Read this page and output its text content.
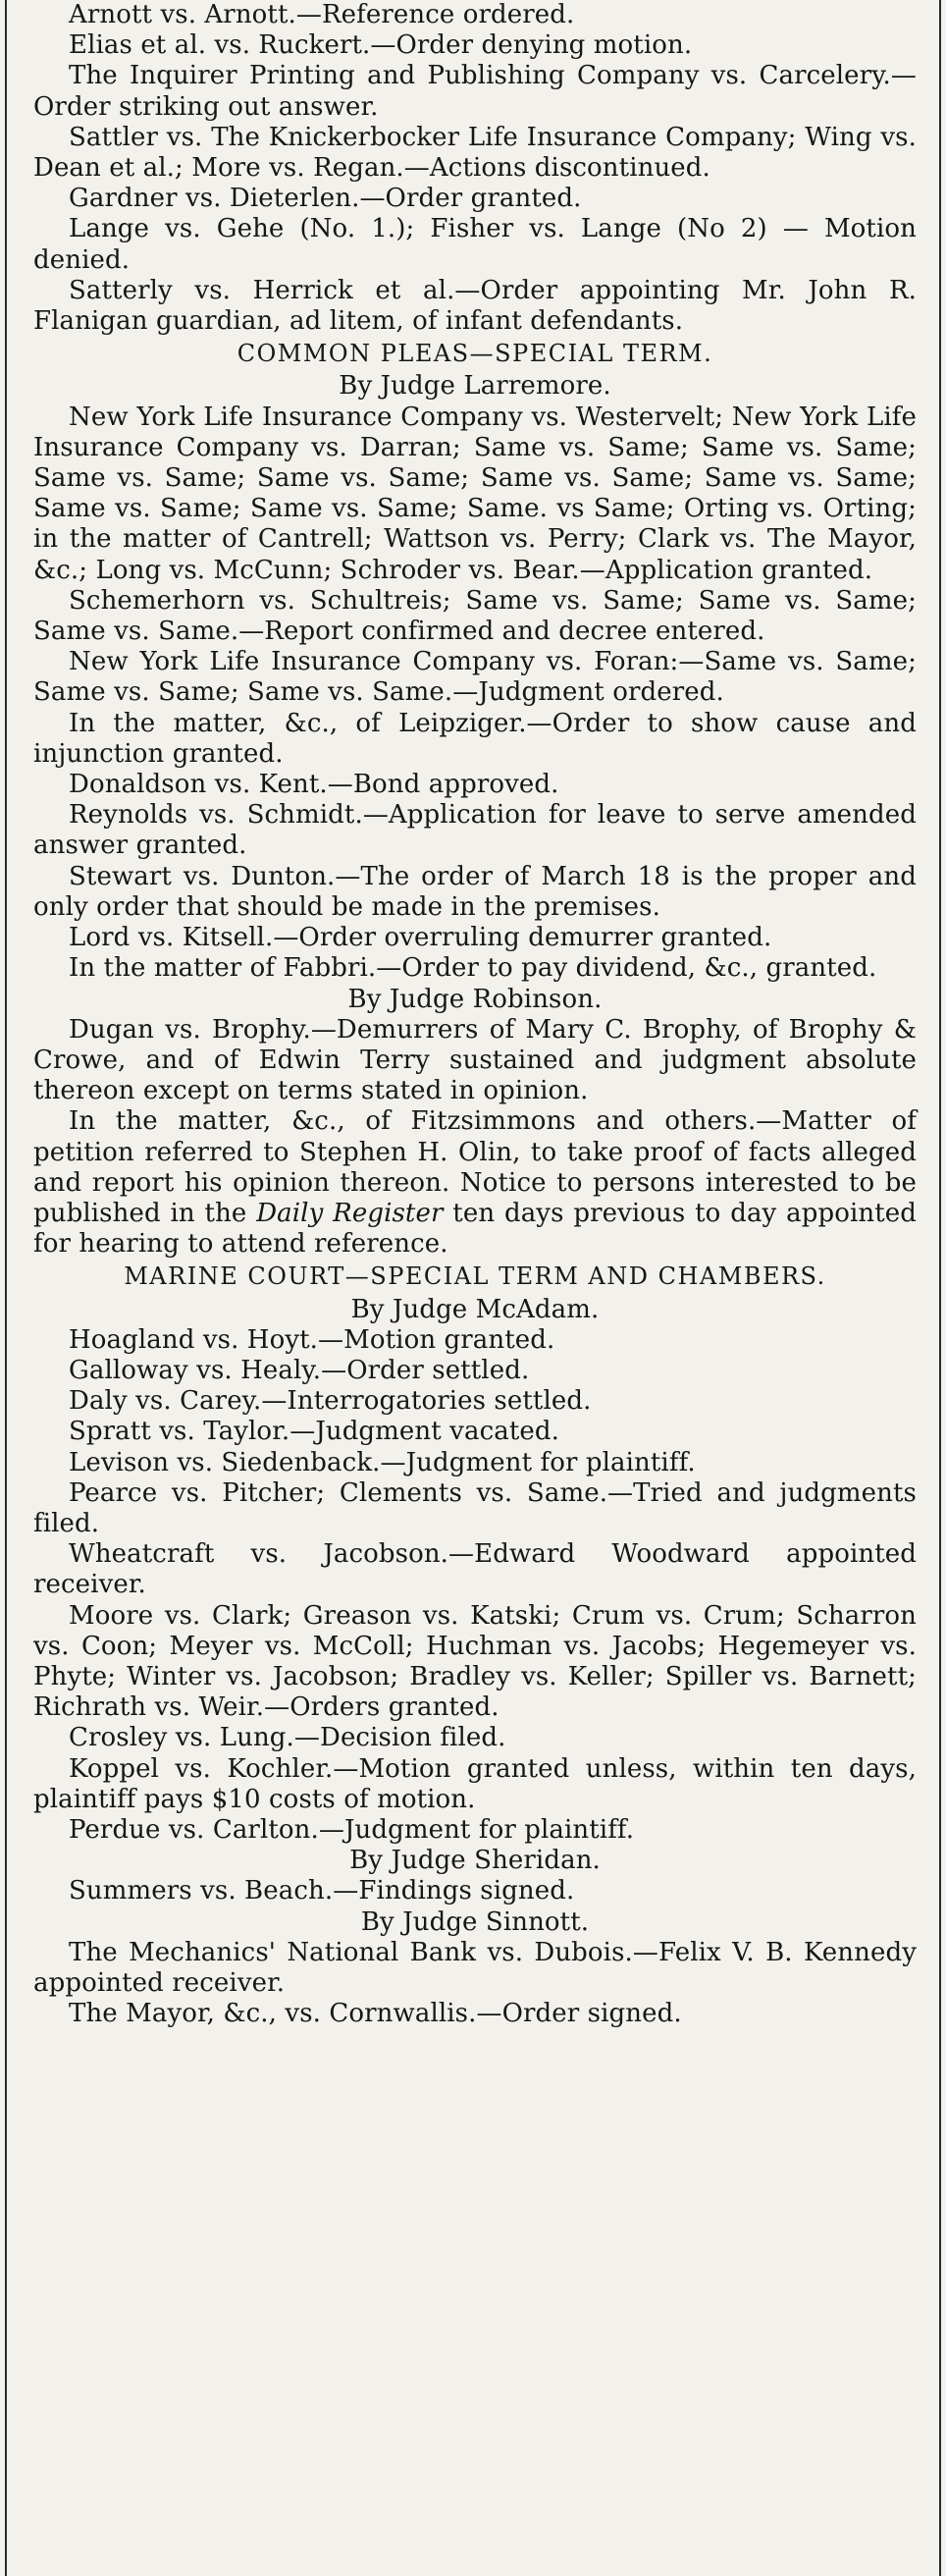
Arnott vs. Arnott.—Reference ordered.

Elias et al. vs. Ruckert.—Order denying motion.

The Inquirer Printing and Publishing Company vs. Carcelery.—Order striking out answer.

Sattler vs. The Knickerbocker Life Insurance Company; Wing vs. Dean et al.; More vs. Regan.—Actions discontinued.

Gardner vs. Dieterlen.—Order granted.

Lange vs. Gehe (No. 1.); Fisher vs. Lange (No 2) — Motion denied.

Satterly vs. Herrick et al.—Order appointing Mr. John R. Flanigan guardian, ad litem, of infant defendants.

COMMON PLEAS—SPECIAL TERM.

By Judge Larremore.

New York Life Insurance Company vs. Westervelt; New York Life Insurance Company vs. Darran; Same vs. Same; Same vs. Same; Same vs. Same; Same vs. Same; Same vs. Same; Same vs. Same; Same vs. Same; Same vs. Same; Same. vs Same; Orting vs. Orting; in the matter of Cantrell; Wattson vs. Perry; Clark vs. The Mayor, &c.; Long vs. McCunn; Schroder vs. Bear.—Application granted.

Schemerhorn vs. Schultreis; Same vs. Same; Same vs. Same; Same vs. Same.—Report confirmed and decree entered.

New York Life Insurance Company vs. Foran:—Same vs. Same; Same vs. Same; Same vs. Same.—Judgment ordered.

In the matter, &c., of Leipziger.—Order to show cause and injunction granted.

Donaldson vs. Kent.—Bond approved.

Reynolds vs. Schmidt.—Application for leave to serve amended answer granted.

Stewart vs. Dunton.—The order of March 18 is the proper and only order that should be made in the premises.

Lord vs. Kitsell.—Order overruling demurrer granted.

In the matter of Fabbri.—Order to pay dividend, &c., granted.

By Judge Robinson.

Dugan vs. Brophy.—Demurrers of Mary C. Brophy, of Brophy & Crowe, and of Edwin Terry sustained and judgment absolute thereon except on terms stated in opinion.

In the matter, &c., of Fitzsimmons and others.—Matter of petition referred to Stephen H. Olin, to take proof of facts alleged and report his opinion thereon. Notice to persons interested to be published in the Daily Register ten days previous to day appointed for hearing to attend reference.

MARINE COURT—SPECIAL TERM AND CHAMBERS.

By Judge McAdam.

Hoagland vs. Hoyt.—Motion granted.

Galloway vs. Healy.—Order settled.

Daly vs. Carey.—Interrogatories settled.

Spratt vs. Taylor.—Judgment vacated.

Levison vs. Siedenback.—Judgment for plaintiff.

Pearce vs. Pitcher; Clements vs. Same.—Tried and judgments filed.

Wheatcraft vs. Jacobson.—Edward Woodward appointed receiver.

Moore vs. Clark; Greason vs. Katski; Crum vs. Crum; Scharron vs. Coon; Meyer vs. McColl; Huchman vs. Jacobs; Hegemeyer vs. Phyte; Winter vs. Jacobson; Bradley vs. Keller; Spiller vs. Barnett; Richrath vs. Weir.—Orders granted.

Crosley vs. Lung.—Decision filed.

Koppel vs. Kochler.—Motion granted unless, within ten days, plaintiff pays $10 costs of motion.

Perdue vs. Carlton.—Judgment for plaintiff.

By Judge Sheridan.

Summers vs. Beach.—Findings signed.

By Judge Sinnott.

The Mechanics' National Bank vs. Dubois.—Felix V. B. Kennedy appointed receiver.

The Mayor, &c., vs. Cornwallis.—Order signed.
